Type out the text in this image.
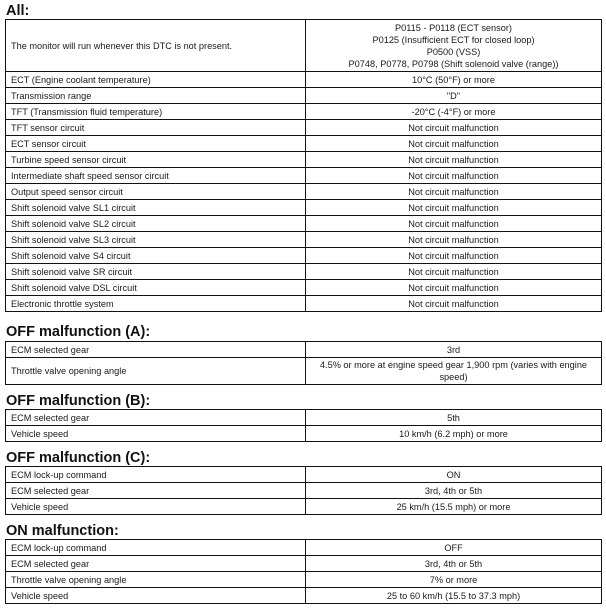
All:
The monitor will run whenever this DTC is not present.	P0115 - P0118 (ECT sensor)
P0125 (Insufficient ECT for closed loop)
P0500 (VSS)
P0748, P0778, P0798 (Shift solenoid valve (range))

ECT (Engine coolant temperature)	10°C (50°F) or more
Transmission range	"D"
TFT (Transmission fluid temperature)	-20°C (-4°F) or more
TFT sensor circuit	Not circuit malfunction
ECT sensor circuit	Not circuit malfunction
Turbine speed sensor circuit	Not circuit malfunction
Intermediate shaft speed sensor circuit	Not circuit malfunction
Output speed sensor circuit	Not circuit malfunction
Shift solenoid valve SL1 circuit	Not circuit malfunction
Shift solenoid valve SL2 circuit	Not circuit malfunction
Shift solenoid valve SL3 circuit	Not circuit malfunction
Shift solenoid valve S4 circuit	Not circuit malfunction
Shift solenoid valve SR circuit	Not circuit malfunction
Shift solenoid valve DSL circuit	Not circuit malfunction
Electronic throttle system	Not circuit malfunction
OFF malfunction (A):
ECM selected gear	3rd
Throttle valve opening angle	4.5% or more at engine speed gear 1,900 rpm (varies with engine speed)
OFF malfunction (B):
ECM selected gear	5th
Vehicle speed	10 km/h (6.2 mph) or more
OFF malfunction (C):
ECM lock-up command	ON
ECM selected gear	3rd, 4th or 5th
Vehicle speed	25 km/h (15.5 mph) or more
ON malfunction:
ECM lock-up command	OFF
ECM selected gear	3rd, 4th or 5th
Throttle valve opening angle	7% or more
Vehicle speed	25 to 60 km/h (15.5 to 37.3 mph)
